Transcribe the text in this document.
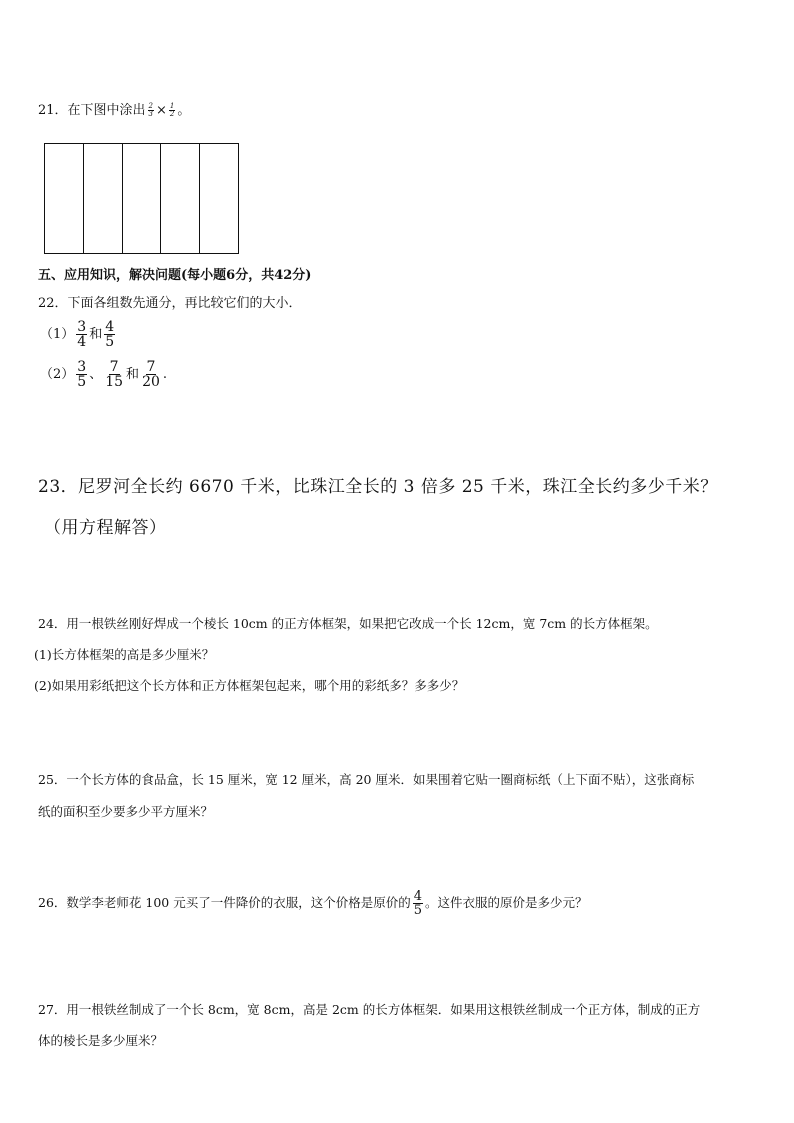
21．在下图中涂出 $\frac{2}{3} \times \frac{1}{2}$ 。
五、应用知识，解决问题(每小题6分，共42分)
22．下面各组数先通分，再比较它们的大小．
$(1) \frac{3}{4}$ 和 $\frac{4}{5}$
$(2) \frac{3}{5}$ 、 $\frac{7}{15}$ 和 $\frac{7}{20}$ .
23．尼罗河全长约 6670 千米，比珠江全长的 3 倍多 25 千米，珠江全长约多少千米？
（用方程解答）
24．用一根铁丝刚好焊成一个棱长 10cm 的正方体框架，如果把它改成一个长 12cm，宽 7cm 的长方体框架。
(1)长方体框架的高是多少厘米？
(2)如果用彩纸把这个长方体和正方体框架包起来，哪个用的彩纸多？多多少？
25．一个长方体的食品盒，长 15 厘米，宽 12 厘米，高 20 厘米．如果围着它贴一圈商标纸（上下面不贴），这张商标
纸的面积至少要多少平方厘米？
26．数学李老师花 100 元买了一件降价的衣服，这个价格是原价的 $\frac{4}{5}$ 。这件衣服的原价是多少元？
27．用一根铁丝制成了一个长 8cm，宽 8cm，高是 2cm 的长方体框架．如果用这根铁丝制成一个正方体，制成的正方
体的棱长是多少厘米？
